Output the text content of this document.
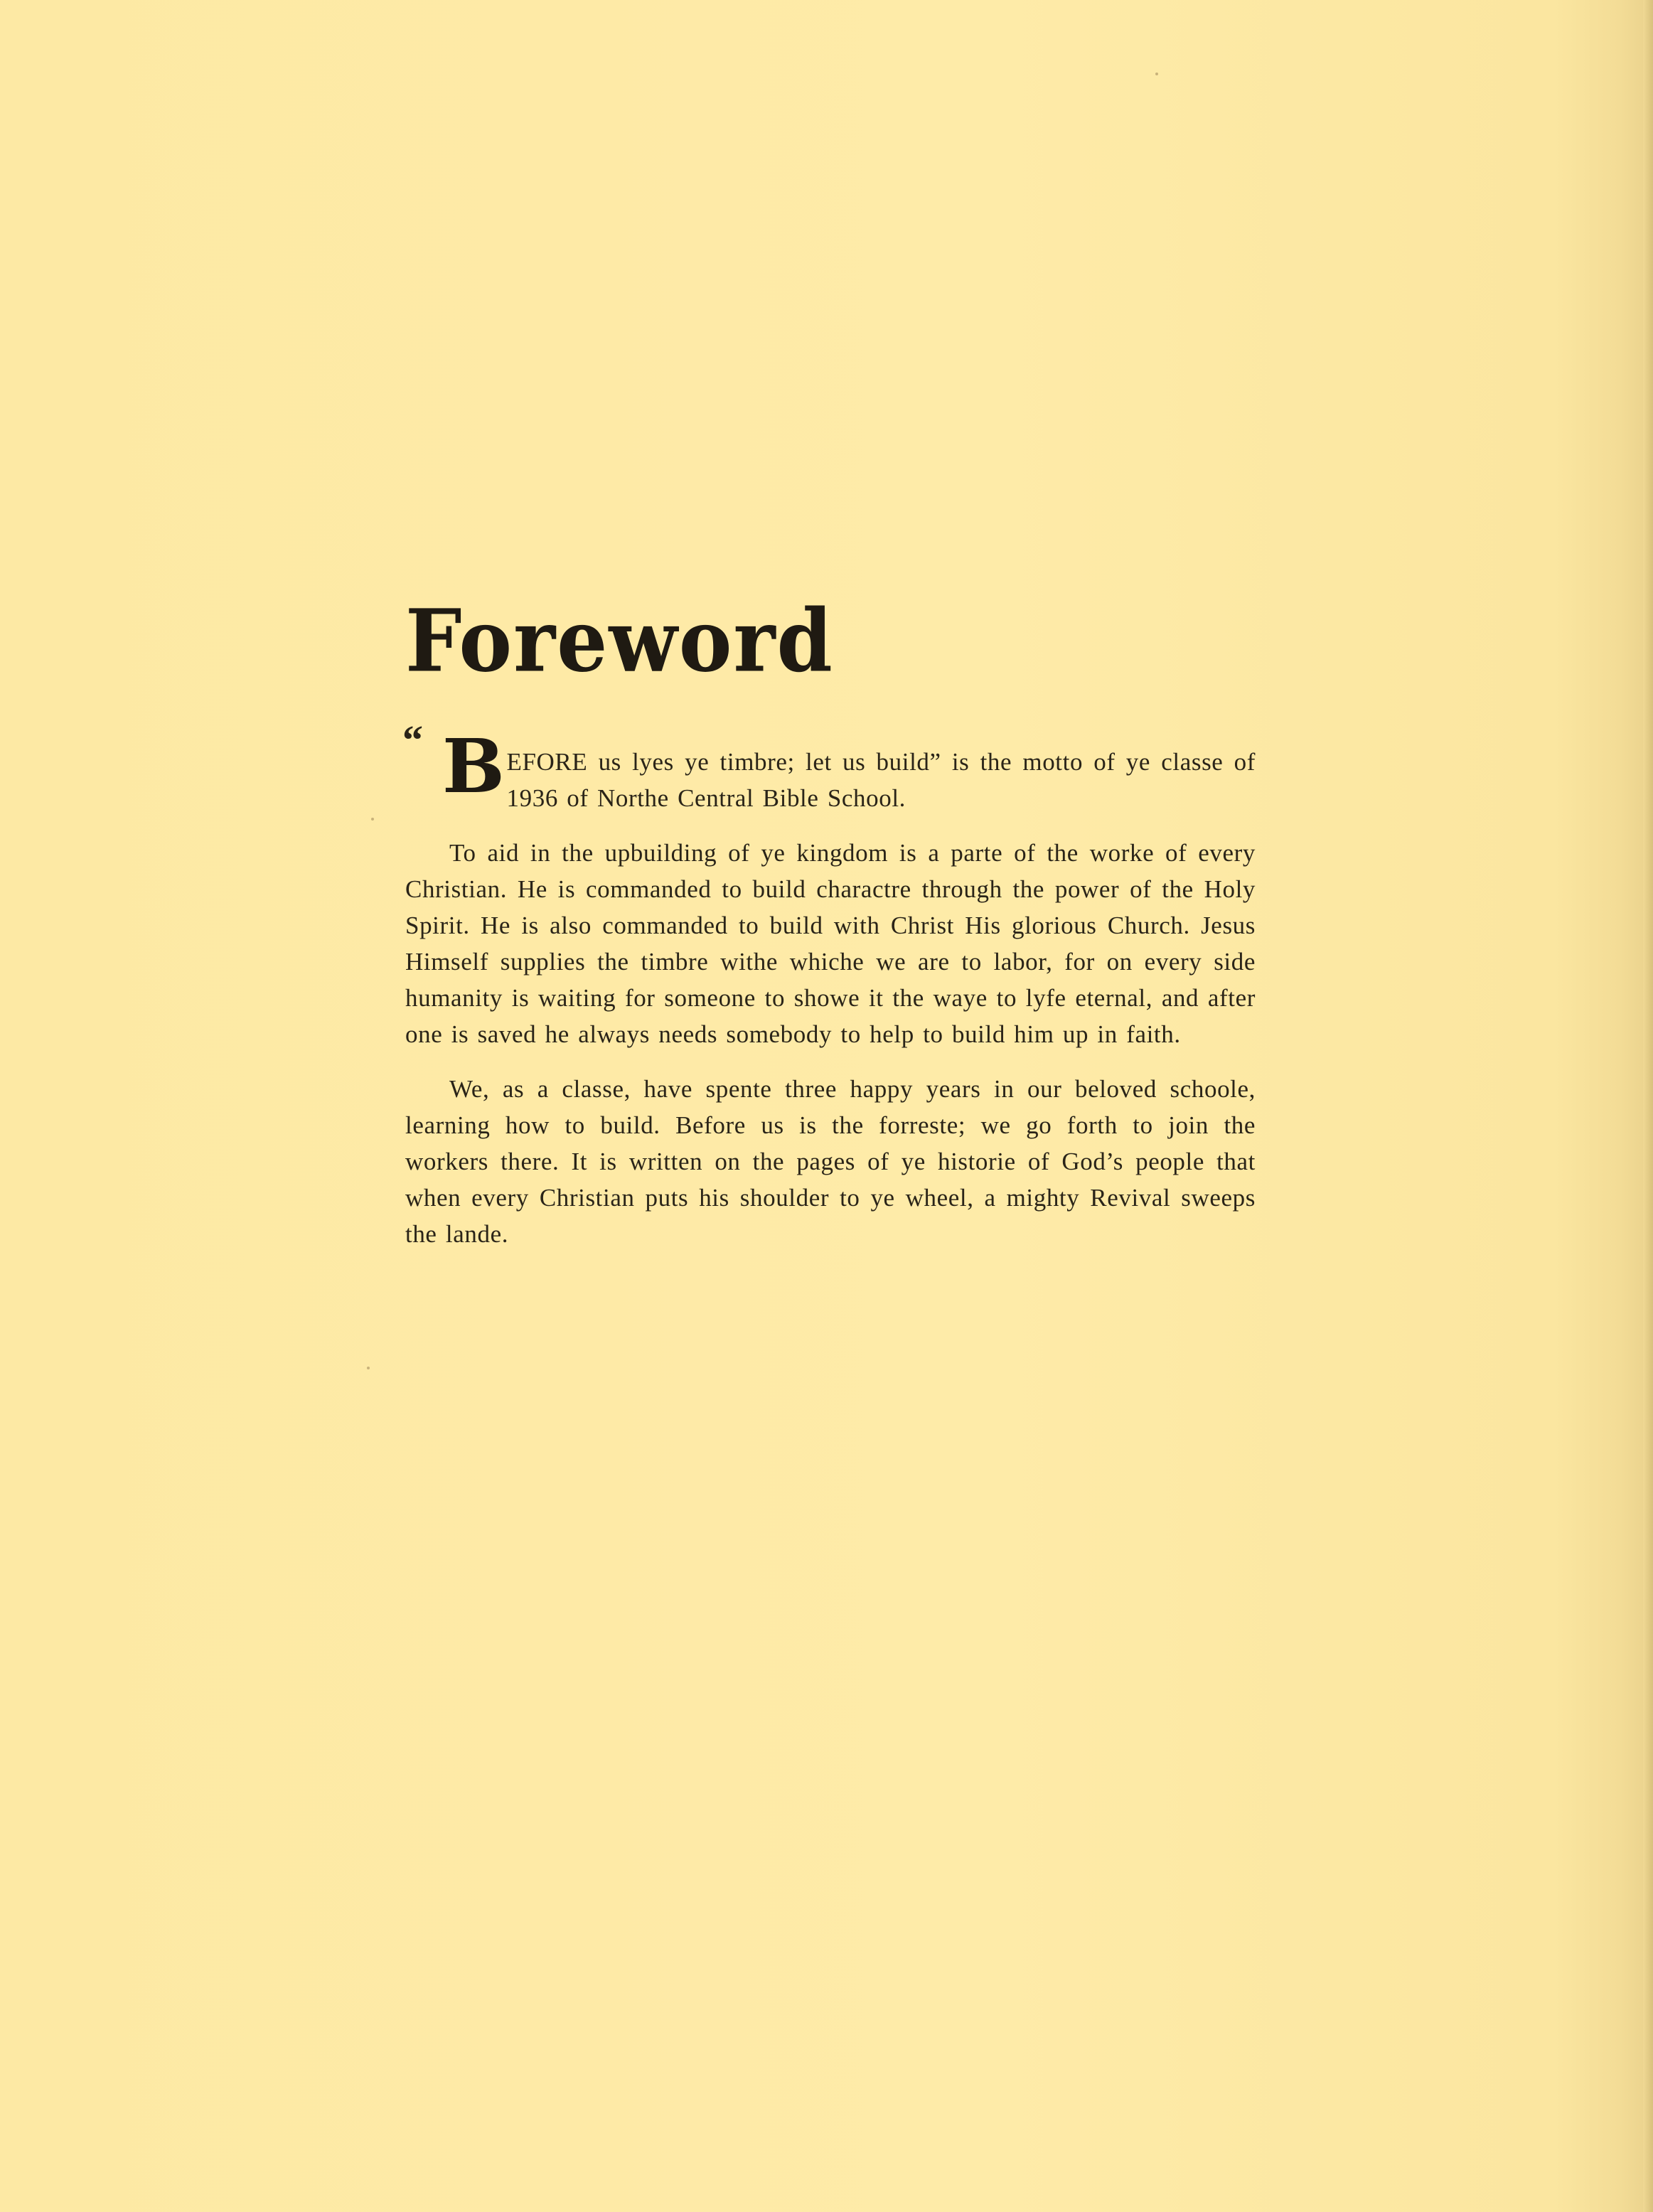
Foreword

“ B EFORE us lyes ye timbre; let us build” is the motto of ye classe of 1936 of Northe Central Bible School.

To aid in the upbuilding of ye kingdom is a parte of the worke of every Christian. He is commanded to build charactre through the power of the Holy Spirit. He is also commanded to build with Christ His glorious Church. Jesus Himself supplies the timbre withe whiche we are to labor, for on every side humanity is waiting for someone to showe it the waye to lyfe eternal, and after one is saved he always needs somebody to help to build him up in faith.

We, as a classe, have spente three happy years in our beloved schoole, learning how to build. Before us is the forreste; we go forth to join the workers there. It is written on the pages of ye historie of God’s people that when every Christian puts his shoulder to ye wheel, a mighty Revival sweeps the lande.
